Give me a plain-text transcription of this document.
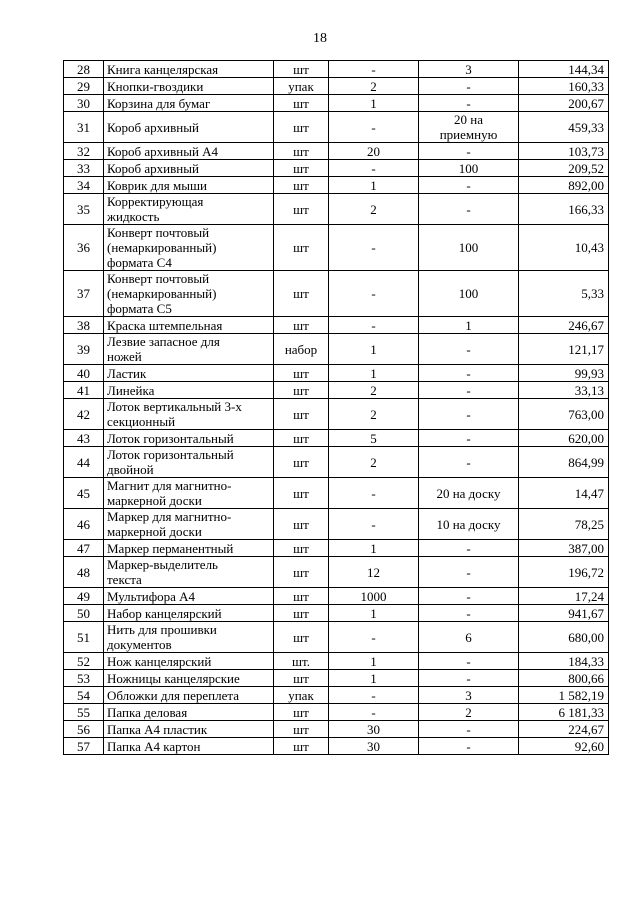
18
28	Книга канцелярская	шт	-	3	144,34
29	Кнопки-гвоздики	упак	2	-	160,33
30	Корзина для бумаг	шт	1	-	200,67
31	Короб архивный	шт	-	20 на
приемную	459,33
32	Короб архивный А4	шт	20	-	103,73
33	Короб архивный	шт	-	100	209,52
34	Коврик для мыши	шт	1	-	892,00
35	Корректирующая
жидкость	шт	2	-	166,33
36	Конверт почтовый
(немаркированный)
формата С4	шт	-	100	10,43
37	Конверт почтовый
(немаркированный)
формата С5	шт	-	100	5,33
38	Краска штемпельная	шт	-	1	246,67
39	Лезвие запасное для
ножей	набор	1	-	121,17
40	Ластик	шт	1	-	99,93
41	Линейка	шт	2	-	33,13
42	Лоток вертикальный 3-х
секционный	шт	2	-	763,00
43	Лоток горизонтальный	шт	5	-	620,00
44	Лоток горизонтальный
двойной	шт	2	-	864,99
45	Магнит для магнитно-
маркерной доски	шт	-	20 на доску	14,47
46	Маркер для магнитно-
маркерной доски	шт	-	10 на доску	78,25
47	Маркер перманентный	шт	1	-	387,00
48	Маркер-выделитель
текста	шт	12	-	196,72
49	Мультифора А4	шт	1000	-	17,24
50	Набор канцелярский	шт	1	-	941,67
51	Нить для прошивки
документов	шт	-	6	680,00
52	Нож канцелярский	шт.	1	-	184,33
53	Ножницы канцелярские	шт	1	-	800,66
54	Обложки для переплета	упак	-	3	1 582,19
55	Папка деловая	шт	-	2	6 181,33
56	Папка А4 пластик	шт	30	-	224,67
57	Папка А4 картон	шт	30	-	92,60
